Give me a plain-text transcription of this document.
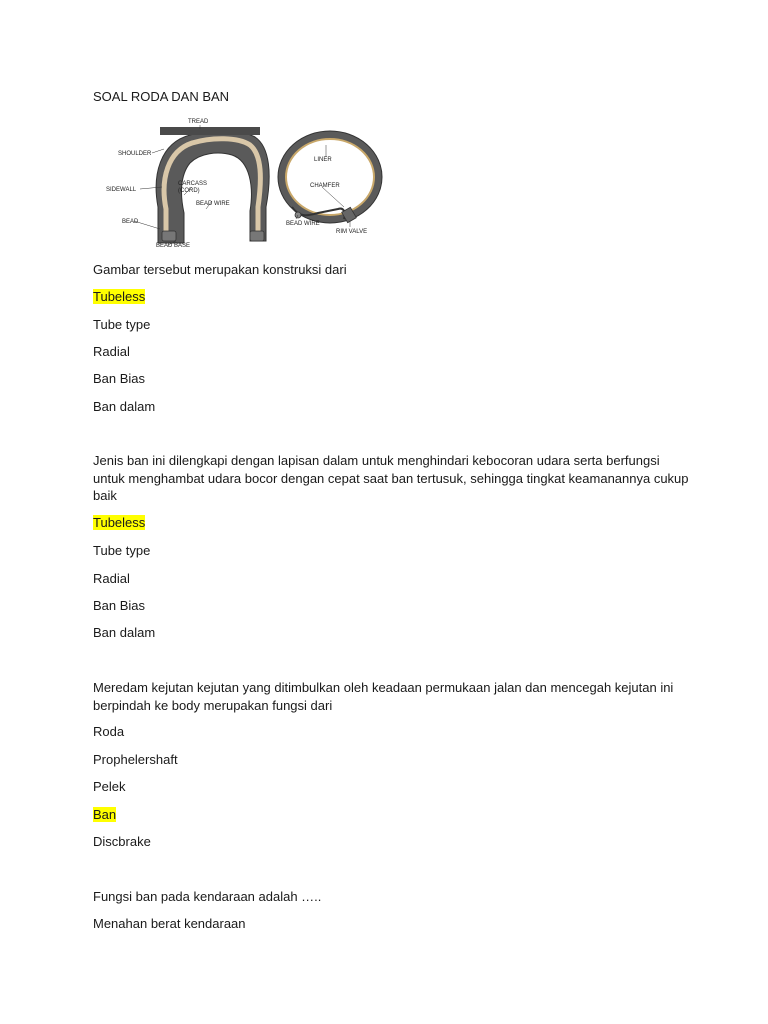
SOAL RODA DAN BAN

TREAD
SHOULDER
SIDEWALL
BEAD
BEAD BASE
CARCASS
(CORD)
BEAD WIRE
LINER
CHAMFER
BEAD WIRE
RIM VALVE

Gambar tersebut merupakan konstruksi dari

Tubeless

Tube type

Radial

Ban Bias

Ban dalam

Jenis ban ini dilengkapi dengan lapisan dalam untuk menghindari kebocoran udara serta berfungsi untuk menghambat udara bocor dengan cepat saat ban tertusuk, sehingga tingkat keamanannya cukup baik

Tubeless

Tube type

Radial

Ban Bias

Ban dalam

Meredam kejutan kejutan yang ditimbulkan oleh keadaan permukaan jalan dan mencegah kejutan ini berpindah ke body merupakan fungsi dari

Roda

Prophelershaft

Pelek

Ban

Discbrake

Fungsi ban pada kendaraan adalah …..

Menahan berat kendaraan
